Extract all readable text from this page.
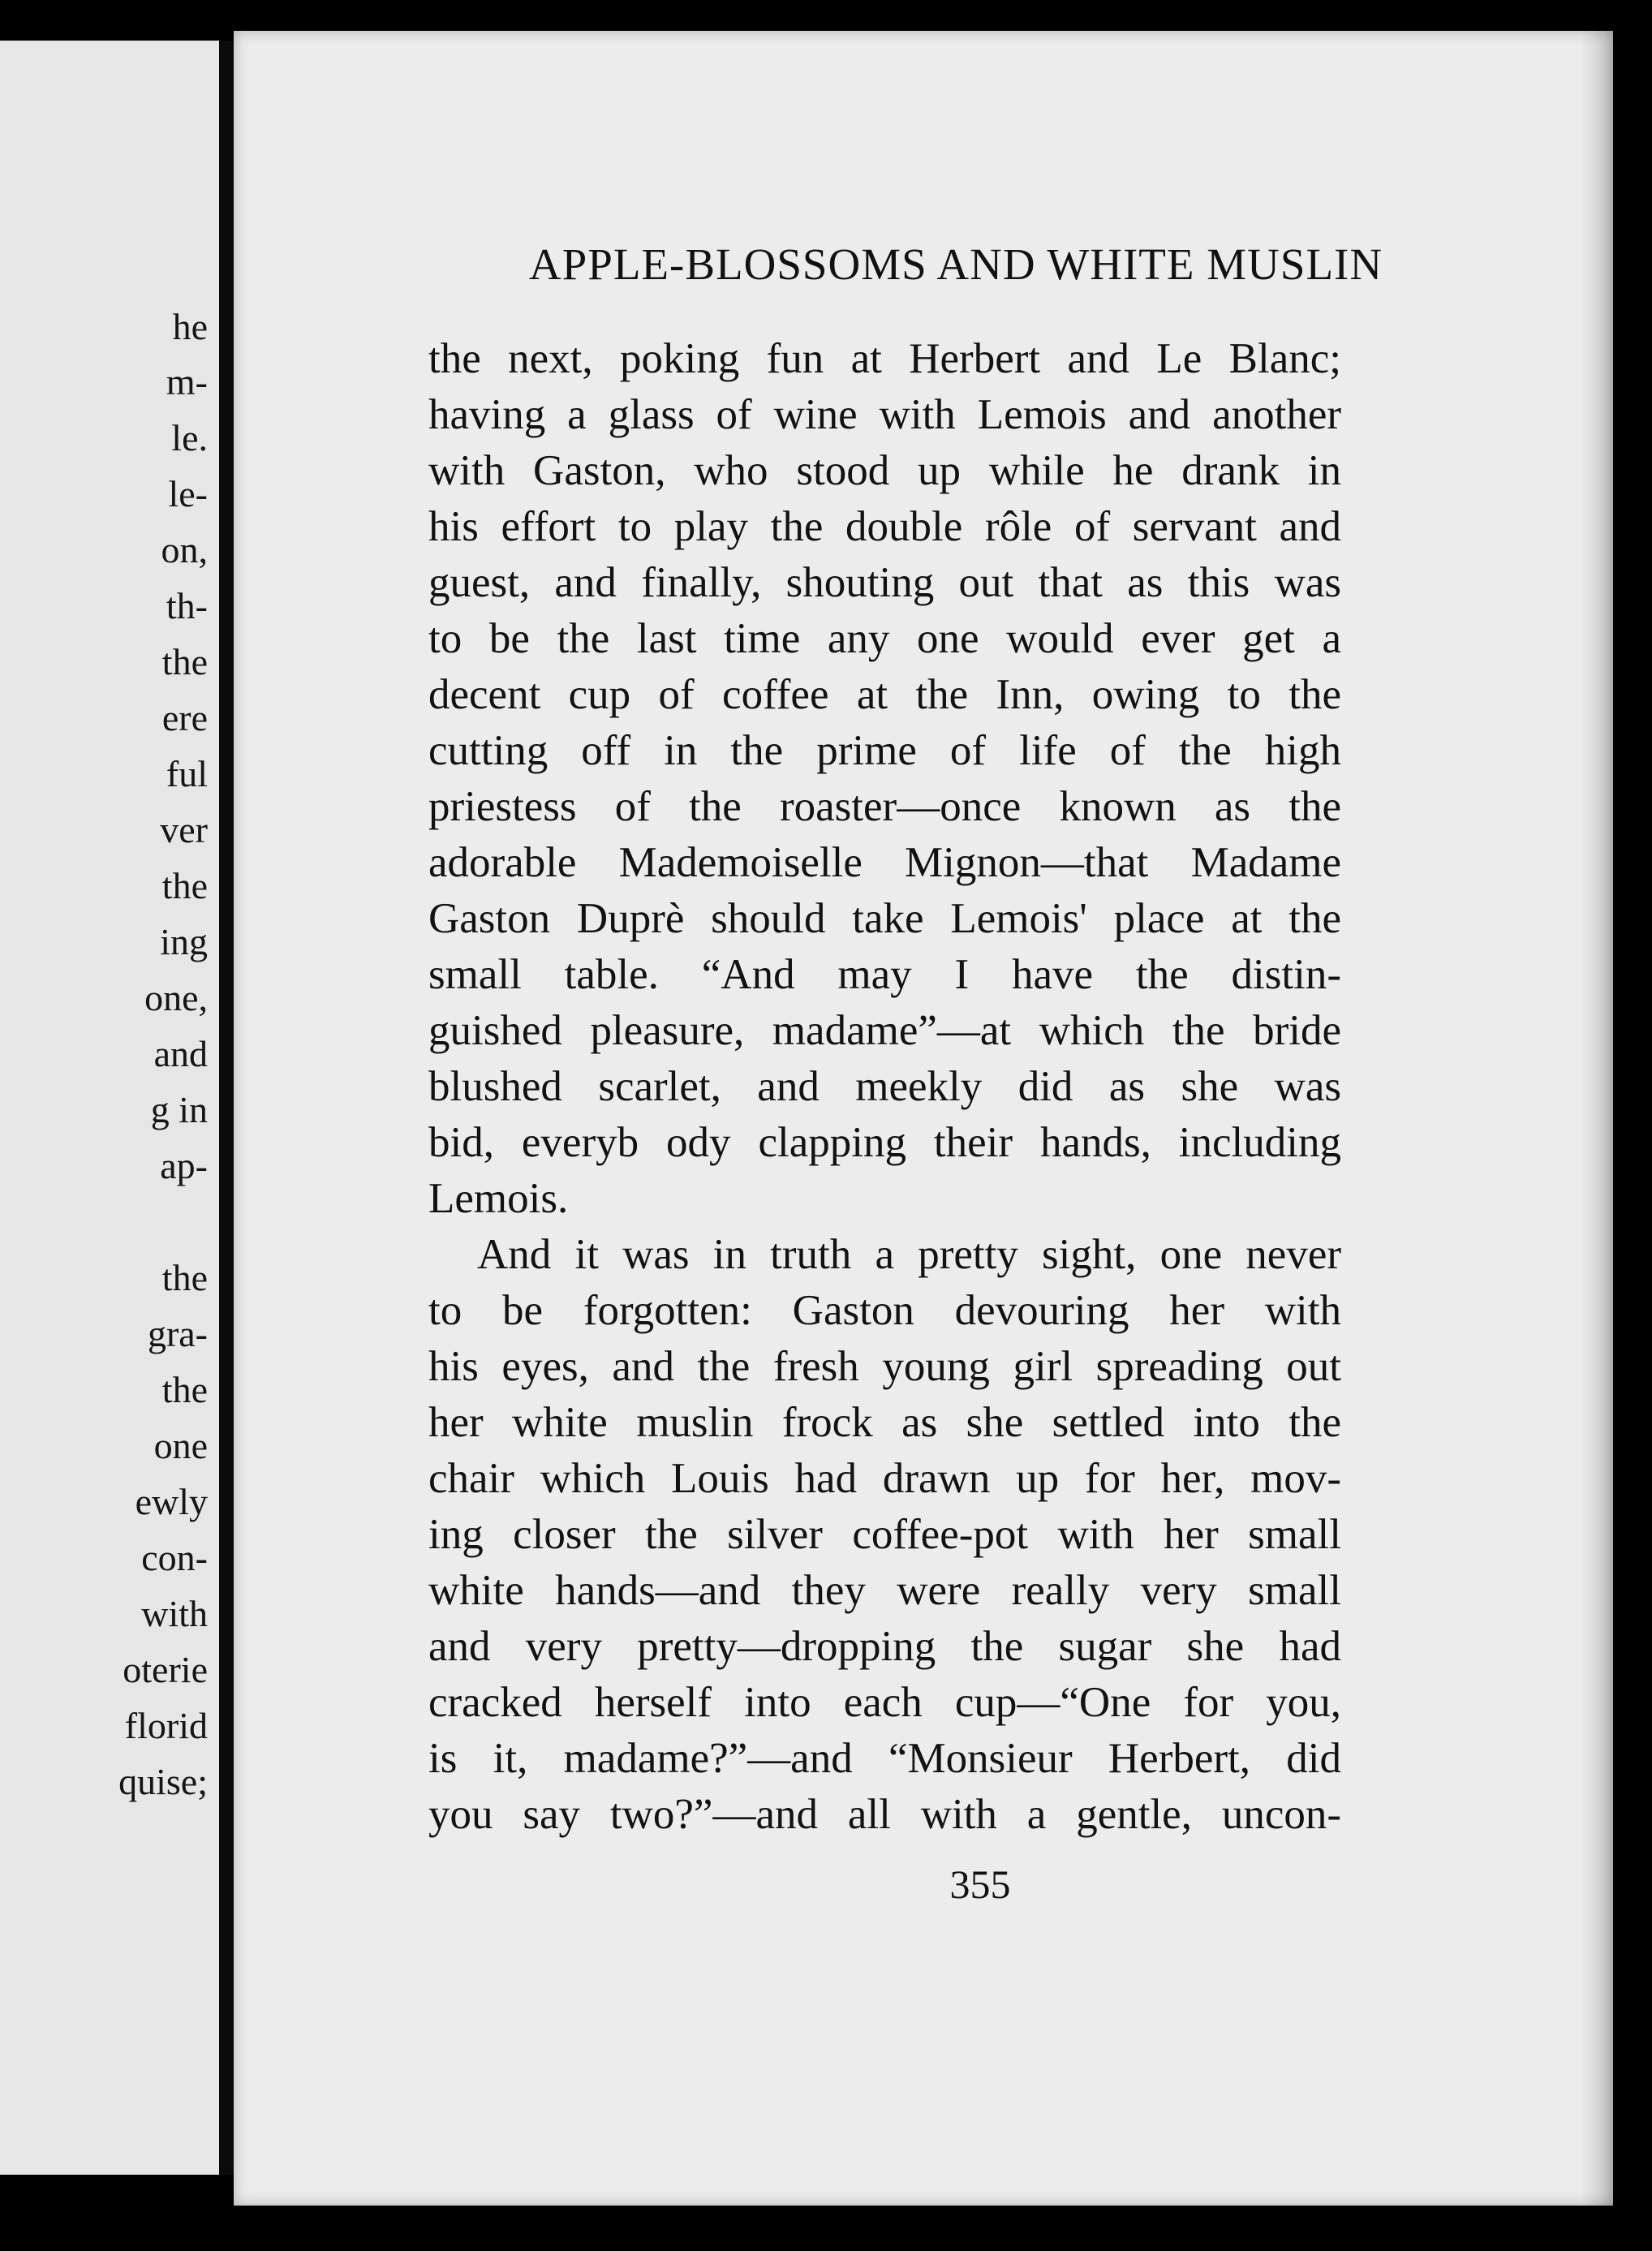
he
m-
le.
le-
on,
th-
the
ere
ful
ver
the
ing
one,
and
g in
ap-
the
gra-
the
one
ewly
con-
with
oterie
florid
quise;
APPLE-BLOSSOMS AND WHITE MUSLIN
the next, poking fun at Herbert and Le Blanc;
having a glass of wine with Lemois and another
with Gaston, who stood up while he drank in
his effort to play the double rôle of servant and
guest, and finally, shouting out that as this was
to be the last time any one would ever get a
decent cup of coffee at the Inn, owing to the
cutting off in the prime of life of the high
priestess of the roaster—once known as the
adorable Mademoiselle Mignon—that Madame
Gaston Duprè should take Lemois' place at the
small table. “And may I have the distin-
guished pleasure, madame”—at which the bride
blushed scarlet, and meekly did as she was
bid, everyb ody clapping their hands, including
Lemois.
And it was in truth a pretty sight, one never
to be forgotten: Gaston devouring her with
his eyes, and the fresh young girl spreading out
her white muslin frock as she settled into the
chair which Louis had drawn up for her, mov-
ing closer the silver coffee-pot with her small
white hands—and they were really very small
and very pretty—dropping the sugar she had
cracked herself into each cup—“One for you,
is it, madame?”—and “Monsieur Herbert, did
you say two?”—and all with a gentle, uncon-
355
